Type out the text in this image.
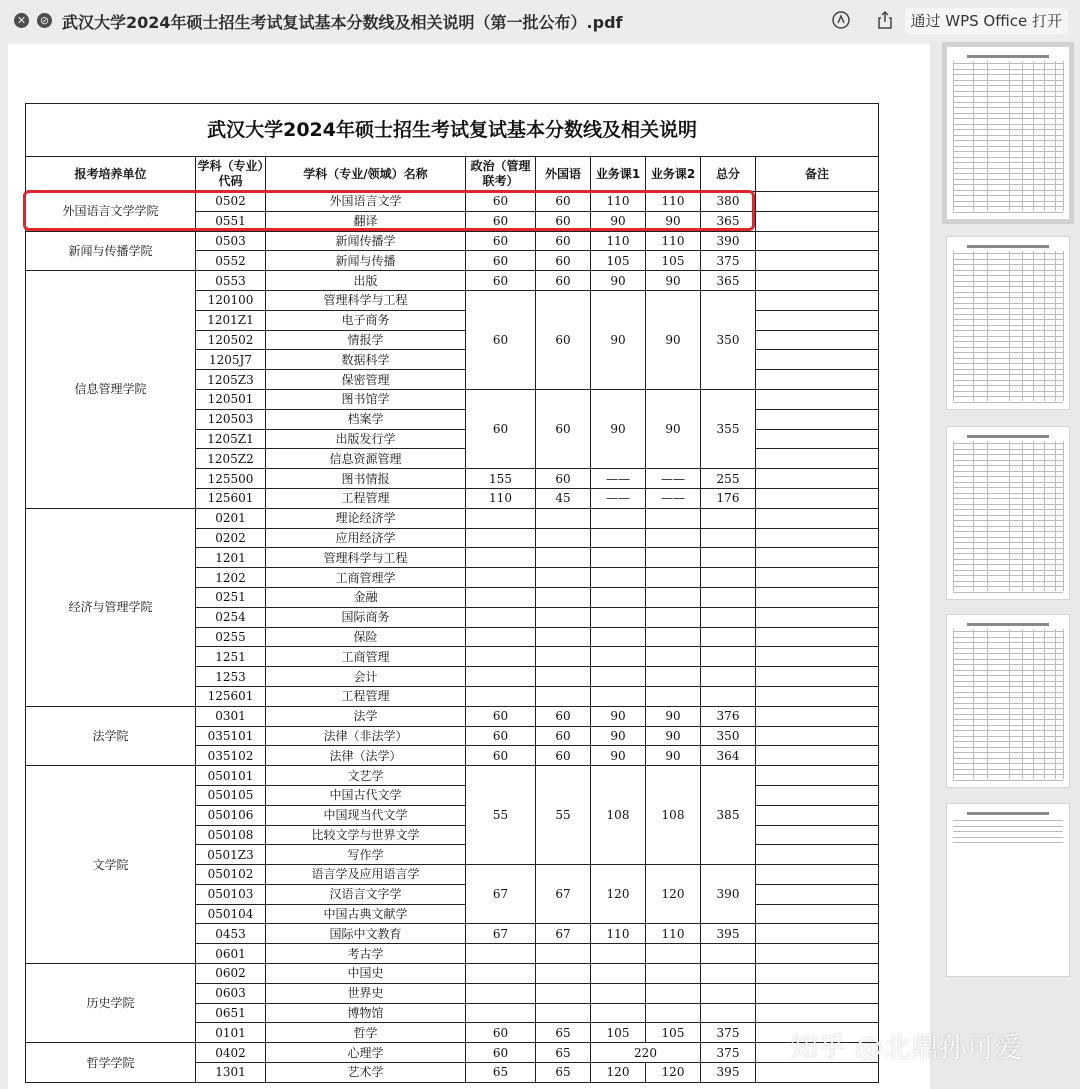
✕ ⊘ 武汉大学2024年硕士招生考试复试基本分数线及相关说明（第一批公布）.pdf	通过 WPS Office 打开
武汉大学2024年硕士招生考试复试基本分数线及相关说明								
报考培养单位	学科（专业）代码	学科（专业/领域）名称	政治（管理联考）	外国语	业务课1	业务课2	总分	备注
外国语言文学学院	0502	外国语言文学	60	60	110	110	380	
	0551	翻译	60	60	90	90	365	
新闻与传播学院	0503	新闻传播学	60	60	110	110	390	
	0552	新闻与传播	60	60	105	105	375	
信息管理学院	0553	出版	60	60	90	90	365	
	120100	管理科学与工程	60	60	90	90	350	
	1201Z1	电子商务						
	120502	情报学						
	1205J7	数据科学						
	1205Z3	保密管理						
	120501	图书馆学	60	60	90	90	355	
	120503	档案学						
	1205Z1	出版发行学						
	1205Z2	信息资源管理						
	125500	图书情报	155	60	——	——	255	
	125601	工程管理	110	45	——	——	176	
经济与管理学院	0201	理论经济学						
	0202	应用经济学						
	1201	管理科学与工程						
	1202	工商管理学						
	0251	金融						
	0254	国际商务						
	0255	保险						
	1251	工商管理						
	1253	会计						
	125601	工程管理						
法学院	0301	法学	60	60	90	90	376	
	035101	法律（非法学）	60	60	90	90	350	
	035102	法律（法学）	60	60	90	90	364	
文学院	050101	文艺学	55	55	108	108	385	
	050105	中国古代文学						
	050106	中国现当代文学						
	050108	比较文学与世界文学						
	0501Z3	写作学						
	050102	语言学及应用语言学	67	67	120	120	390	
	050103	汉语言文字学						
	050104	中国古典文献学						
	0453	国际中文教育	67	67	110	110	395	
	0601	考古学						
历史学院	0602	中国史						
	0603	世界史						
	0651	博物馆						
	0101	哲学	60	65	105	105	375	
哲学学院	0402	心理学	60	65	220		375	
	1301	艺术学	65	65	120	120	395	
知乎 @北鼎孙可爱
